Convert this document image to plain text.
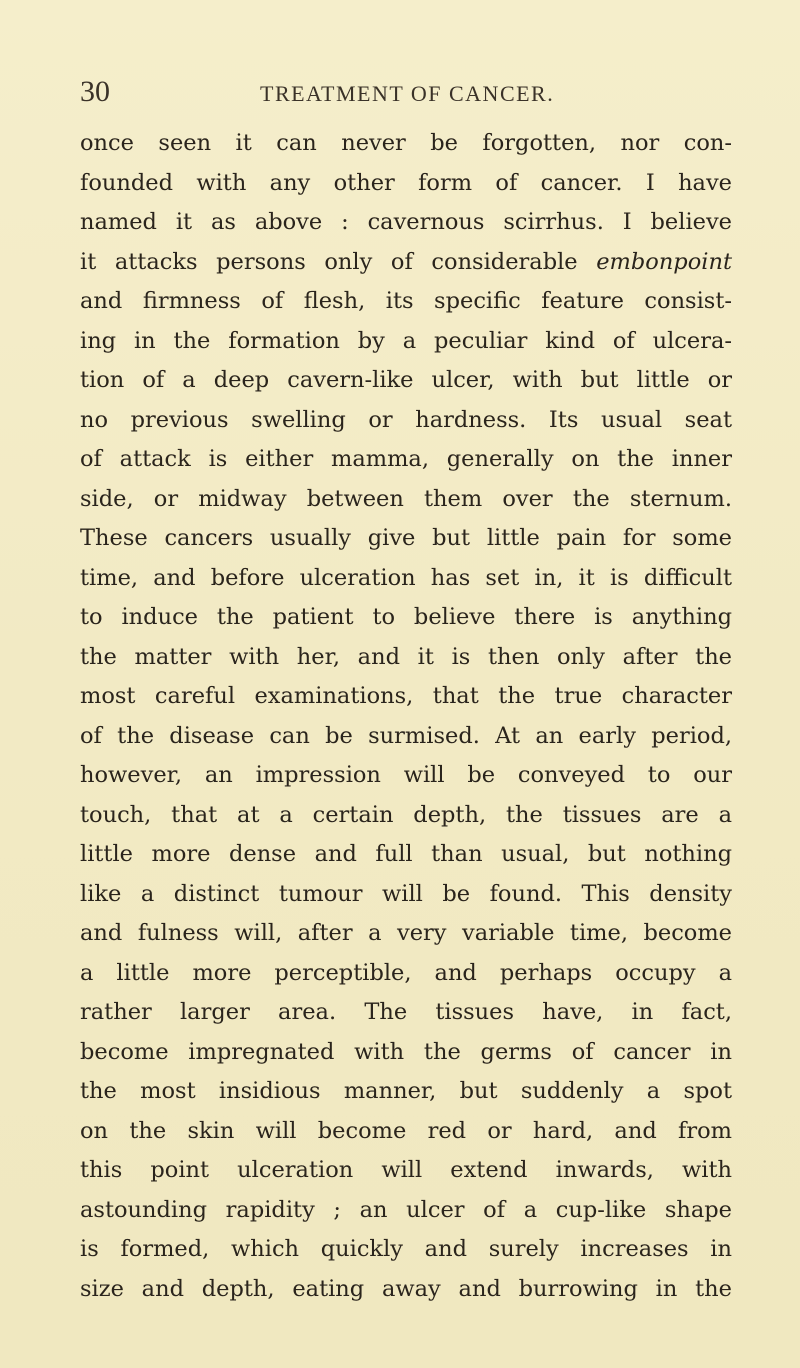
30	TREATMENT OF CANCER.
once seen it can never be forgotten, nor con-
founded with any other form of cancer. I have
named it as above : cavernous scirrhus. I believe
it attacks persons only of considerable embonpoint
and firmness of flesh, its specific feature consist-
ing in the formation by a peculiar kind of ulcera-
tion of a deep cavern-like ulcer, with but little or
no previous swelling or hardness. Its usual seat
of attack is either mamma, generally on the inner
side, or midway between them over the sternum.
These cancers usually give but little pain for some
time, and before ulceration has set in, it is difficult
to induce the patient to believe there is anything
the matter with her, and it is then only after the
most careful examinations, that the true character
of the disease can be surmised. At an early period,
however, an impression will be conveyed to our
touch, that at a certain depth, the tissues are a
little more dense and full than usual, but nothing
like a distinct tumour will be found. This density
and fulness will, after a very variable time, become
a little more perceptible, and perhaps occupy a
rather larger area. The tissues have, in fact,
become impregnated with the germs of cancer in
the most insidious manner, but suddenly a spot
on the skin will become red or hard, and from
this point ulceration will extend inwards, with
astounding rapidity ; an ulcer of a cup-like shape
is formed, which quickly and surely increases in
size and depth, eating away and burrowing in the
